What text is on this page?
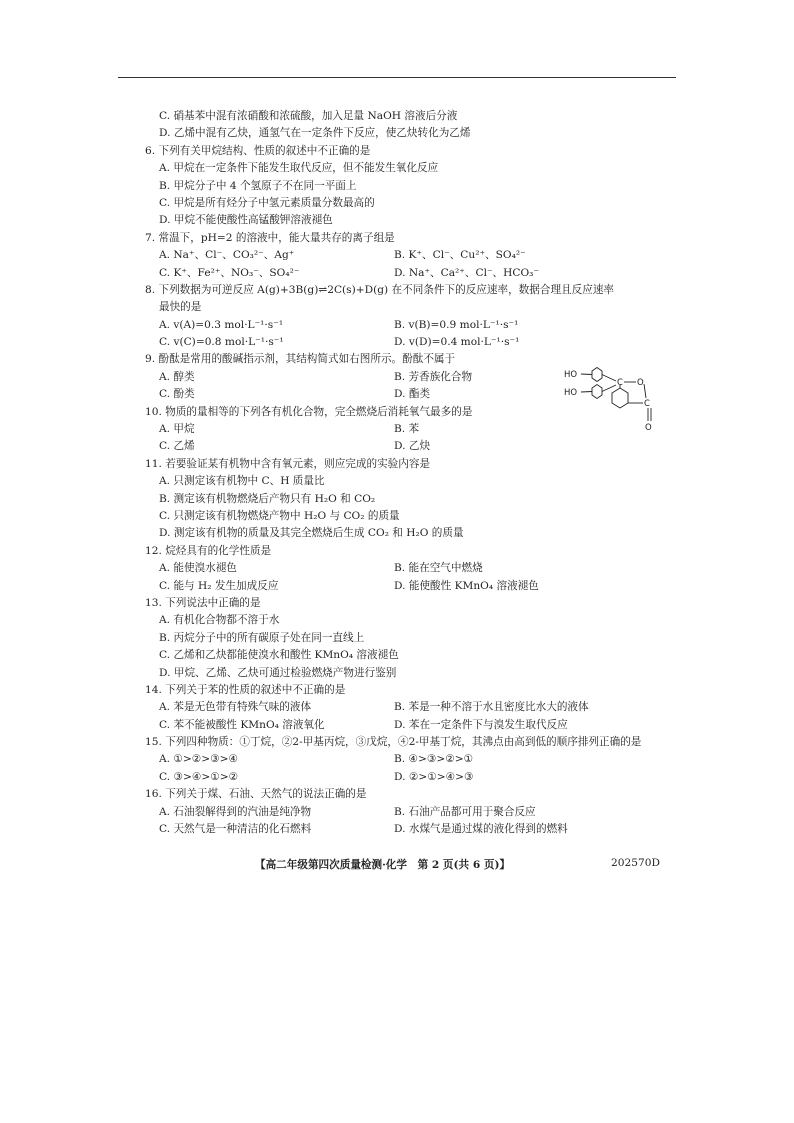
C. 硝基苯中混有浓硝酸和浓硫酸，加入足量 NaOH 溶液后分液
D. 乙烯中混有乙炔，通氢气在一定条件下反应，使乙炔转化为乙烯
6. 下列有关甲烷结构、性质的叙述中不正确的是
A. 甲烷在一定条件下能发生取代反应，但不能发生氧化反应
B. 甲烷分子中 4 个氢原子不在同一平面上
C. 甲烷是所有烃分子中氢元素质量分数最高的
D. 甲烷不能使酸性高锰酸钾溶液褪色
7. 常温下，pH=2 的溶液中，能大量共存的离子组是
A. Na⁺、Cl⁻、CO₃²⁻、Ag⁺	B. K⁺、Cl⁻、Cu²⁺、SO₄²⁻
C. K⁺、Fe²⁺、NO₃⁻、SO₄²⁻	D. Na⁺、Ca²⁺、Cl⁻、HCO₃⁻
8. 下列数据为可逆反应 A(g)+3B(g)⇌2C(s)+D(g) 在不同条件下的反应速率，数据合理且反应速率
最快的是
A. v(A)=0.3 mol·L⁻¹·s⁻¹	B. v(B)=0.9 mol·L⁻¹·s⁻¹
C. v(C)=0.8 mol·L⁻¹·s⁻¹	D. v(D)=0.4 mol·L⁻¹·s⁻¹
9. 酚酞是常用的酸碱指示剂，其结构简式如右图所示。酚酞不属于
A. 醇类	B. 芳香族化合物
C. 酚类	D. 酯类
10. 物质的量相等的下列各有机化合物，完全燃烧后消耗氧气最多的是
A. 甲烷	B. 苯
C. 乙烯	D. 乙炔
11. 若要验证某有机物中含有氧元素，则应完成的实验内容是
A. 只测定该有机物中 C、H 质量比
B. 测定该有机物燃烧后产物只有 H₂O 和 CO₂
C. 只测定该有机物燃烧产物中 H₂O 与 CO₂ 的质量
D. 测定该有机物的质量及其完全燃烧后生成 CO₂ 和 H₂O 的质量
12. 烷烃具有的化学性质是
A. 能使溴水褪色	B. 能在空气中燃烧
C. 能与 H₂ 发生加成反应	D. 能使酸性 KMnO₄ 溶液褪色
13. 下列说法中正确的是
A. 有机化合物都不溶于水
B. 丙烷分子中的所有碳原子处在同一直线上
C. 乙烯和乙炔都能使溴水和酸性 KMnO₄ 溶液褪色
D. 甲烷、乙烯、乙炔可通过检验燃烧产物进行鉴别
14. 下列关于苯的性质的叙述中不正确的是
A. 苯是无色带有特殊气味的液体	B. 苯是一种不溶于水且密度比水大的液体
C. 苯不能被酸性 KMnO₄ 溶液氧化	D. 苯在一定条件下与溴发生取代反应
15. 下列四种物质：①丁烷，②2-甲基丙烷，③戊烷，④2-甲基丁烷，其沸点由高到低的顺序排列正确的是
A. ①>②>③>④	B. ④>③>②>①
C. ③>④>①>②	D. ②>①>④>③
16. 下列关于煤、石油、天然气的说法正确的是
A. 石油裂解得到的汽油是纯净物	B. 石油产品都可用于聚合反应
C. 天然气是一种清洁的化石燃料	D. 水煤气是通过煤的液化得到的燃料
HO
HO
C O
C
O
【高二年级第四次质量检测·化学　第 2 页(共 6 页)】	202570D
